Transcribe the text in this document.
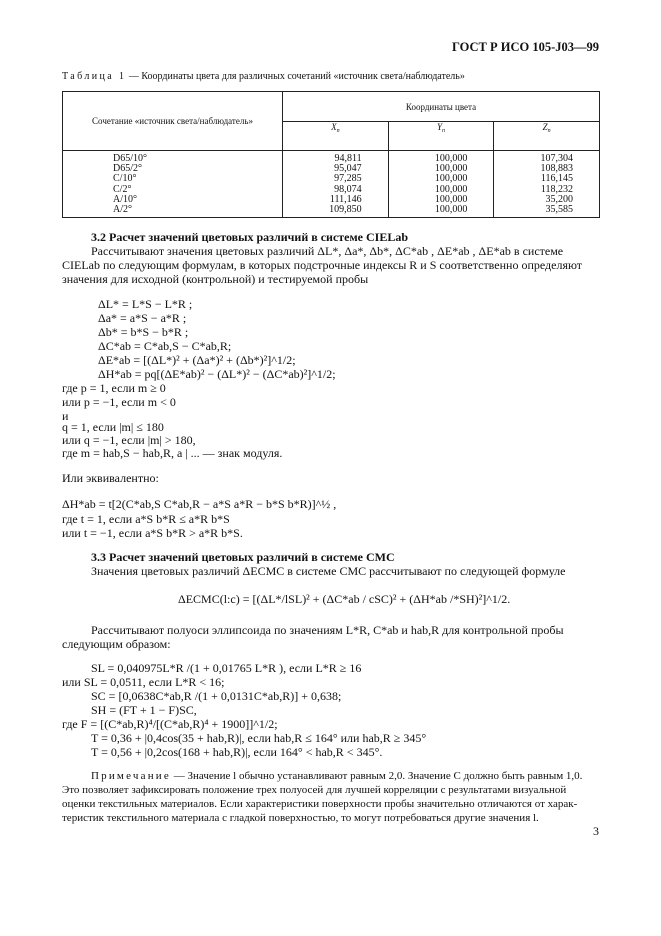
ГОСТ Р ИСО 105-J03—99
Таблица 1 — Координаты цвета для различных сочетаний «источник света/наблюдатель»
Сочетание «источник света/наблюдатель»	Координаты цвета		
	$X_n$	$Y_n$	$Z_n$
D65/10°	94,811	100,000	107,304
D65/2°	95,047	100,000	108,883
C/10°	97,285	100,000	116,145
C/2°	98,074	100,000	118,232
A/10°	111,146	100,000	35,200
A/2°	109,850	100,000	35,585
3.2 Расчет значений цветовых различий в системе CIELab
Рассчитывают значения цветовых различий ΔL*, Δa*, Δb*, ΔC*ab , ΔE*ab , ΔE*ab в системе
CIELab по следующим формулам, в которых подстрочные индексы R и S соответственно определяют
значения для исходной (контрольной) и тестируемой пробы
ΔL* = L*S − L*R ;
Δa* = a*S − a*R ;
Δb* = b*S − b*R ;
ΔC*ab = C*ab,S − C*ab,R;
ΔE*ab = [(ΔL*)² + (Δa*)² + (Δb*)²]^1/2;
ΔH*ab = pq[(ΔE*ab)² − (ΔL*)² − (ΔC*ab)²]^1/2;
где p = 1, если m ≥ 0
или p = −1, если m < 0
и
q = 1, если |m| ≤ 180
или q = −1, если |m| > 180,
где m = hab,S − hab,R, a | ... — знак модуля.
Или эквивалентно:
ΔH*ab = t[2(C*ab,S C*ab,R − a*S a*R − b*S b*R)]^½ ,
где t = 1, если a*S b*R ≤ a*R b*S
или t = −1, если a*S b*R > a*R b*S.
3.3 Расчет значений цветовых различий в системе CMC
Значения цветовых различий ΔECMC в системе CMC рассчитывают по следующей формуле
ΔECMC(l:c) = [(ΔL*/lSL)² + (ΔC*ab / cSC)² + (ΔH*ab /*SH)²]^1/2.
Рассчитывают полуоси эллипсоида по значениям L*R, C*ab и hab,R для контрольной пробы
следующим образом:
SL = 0,040975L*R /(1 + 0,01765 L*R ), если L*R ≥ 16
или SL = 0,0511, если L*R < 16;
SC = [0,0638C*ab,R /(1 + 0,0131C*ab,R)] + 0,638;
SH = (FT + 1 − F)SC,
где F = [(C*ab,R)⁴/[(C*ab,R)⁴ + 1900]]^1/2;
T = 0,36 + |0,4cos(35 + hab,R)|, если hab,R ≤ 164° или hab,R ≥ 345°
T = 0,56 + |0,2cos(168 + hab,R)|, если 164° < hab,R < 345°.
Примечание — Значение l обычно устанавливают равным 2,0. Значение C должно быть равным 1,0.
Это позволяет зафиксировать положение трех полуосей для лучшей корреляции с результатами визуальной
оценки текстильных материалов. Если характеристики поверхности пробы значительно отличаются от харак-
теристик текстильного материала с гладкой поверхностью, то могут потребоваться другие значения l.
3
